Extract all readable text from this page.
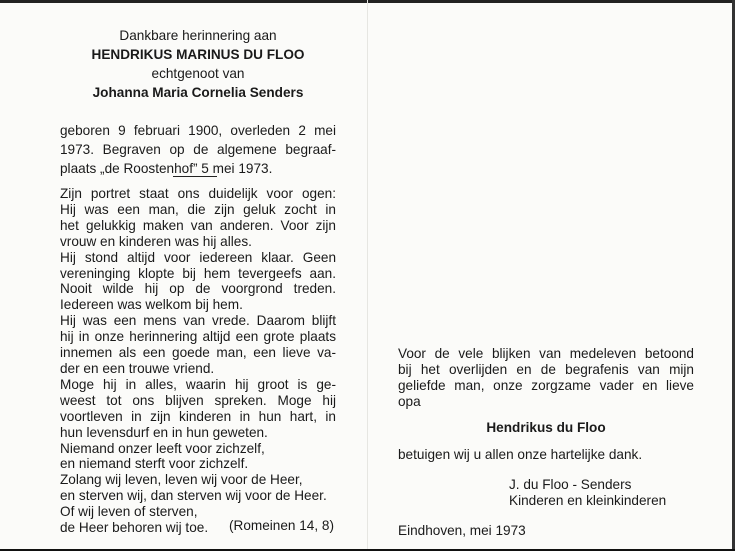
Dankbare herinnering aan
HENDRIKUS MARINUS DU FLOO
echtgenoot van
Johanna Maria Cornelia Senders
geboren 9 februari 1900, overleden 2 mei
1973. Begraven op de algemene begraaf-
plaats „de Roostenhof” 5 mei 1973.
Zijn portret staat ons duidelijk voor ogen:
Hij was een man, die zijn geluk zocht in
het gelukkig maken van anderen. Voor zijn
vrouw en kinderen was hij alles.
Hij stond altijd voor iedereen klaar. Geen
vereninging klopte bij hem tevergeefs aan.
Nooit wilde hij op de voorgrond treden.
Iedereen was welkom bij hem.
Hij was een mens van vrede. Daarom blijft
hij in onze herinnering altijd een grote plaats
innemen als een goede man, een lieve va-
der en een trouwe vriend.
Moge hij in alles, waarin hij groot is ge-
weest tot ons blijven spreken. Moge hij
voortleven in zijn kinderen in hun hart, in
hun levensdurf en in hun geweten.
Niemand onzer leeft voor zichzelf,
en niemand sterft voor zichzelf.
Zolang wij leven, leven wij voor de Heer,
en sterven wij, dan sterven wij voor de Heer.
Of wij leven of sterven,
de Heer behoren wij toe.	(Romeinen 14, 8)
Voor de vele blijken van medeleven betoond
bij het overlijden en de begrafenis van mijn
geliefde man, onze zorgzame vader en lieve
opa
Hendrikus du Floo
betuigen wij u allen onze hartelijke dank.
J. du Floo - Senders
Kinderen en kleinkinderen
Eindhoven, mei 1973
